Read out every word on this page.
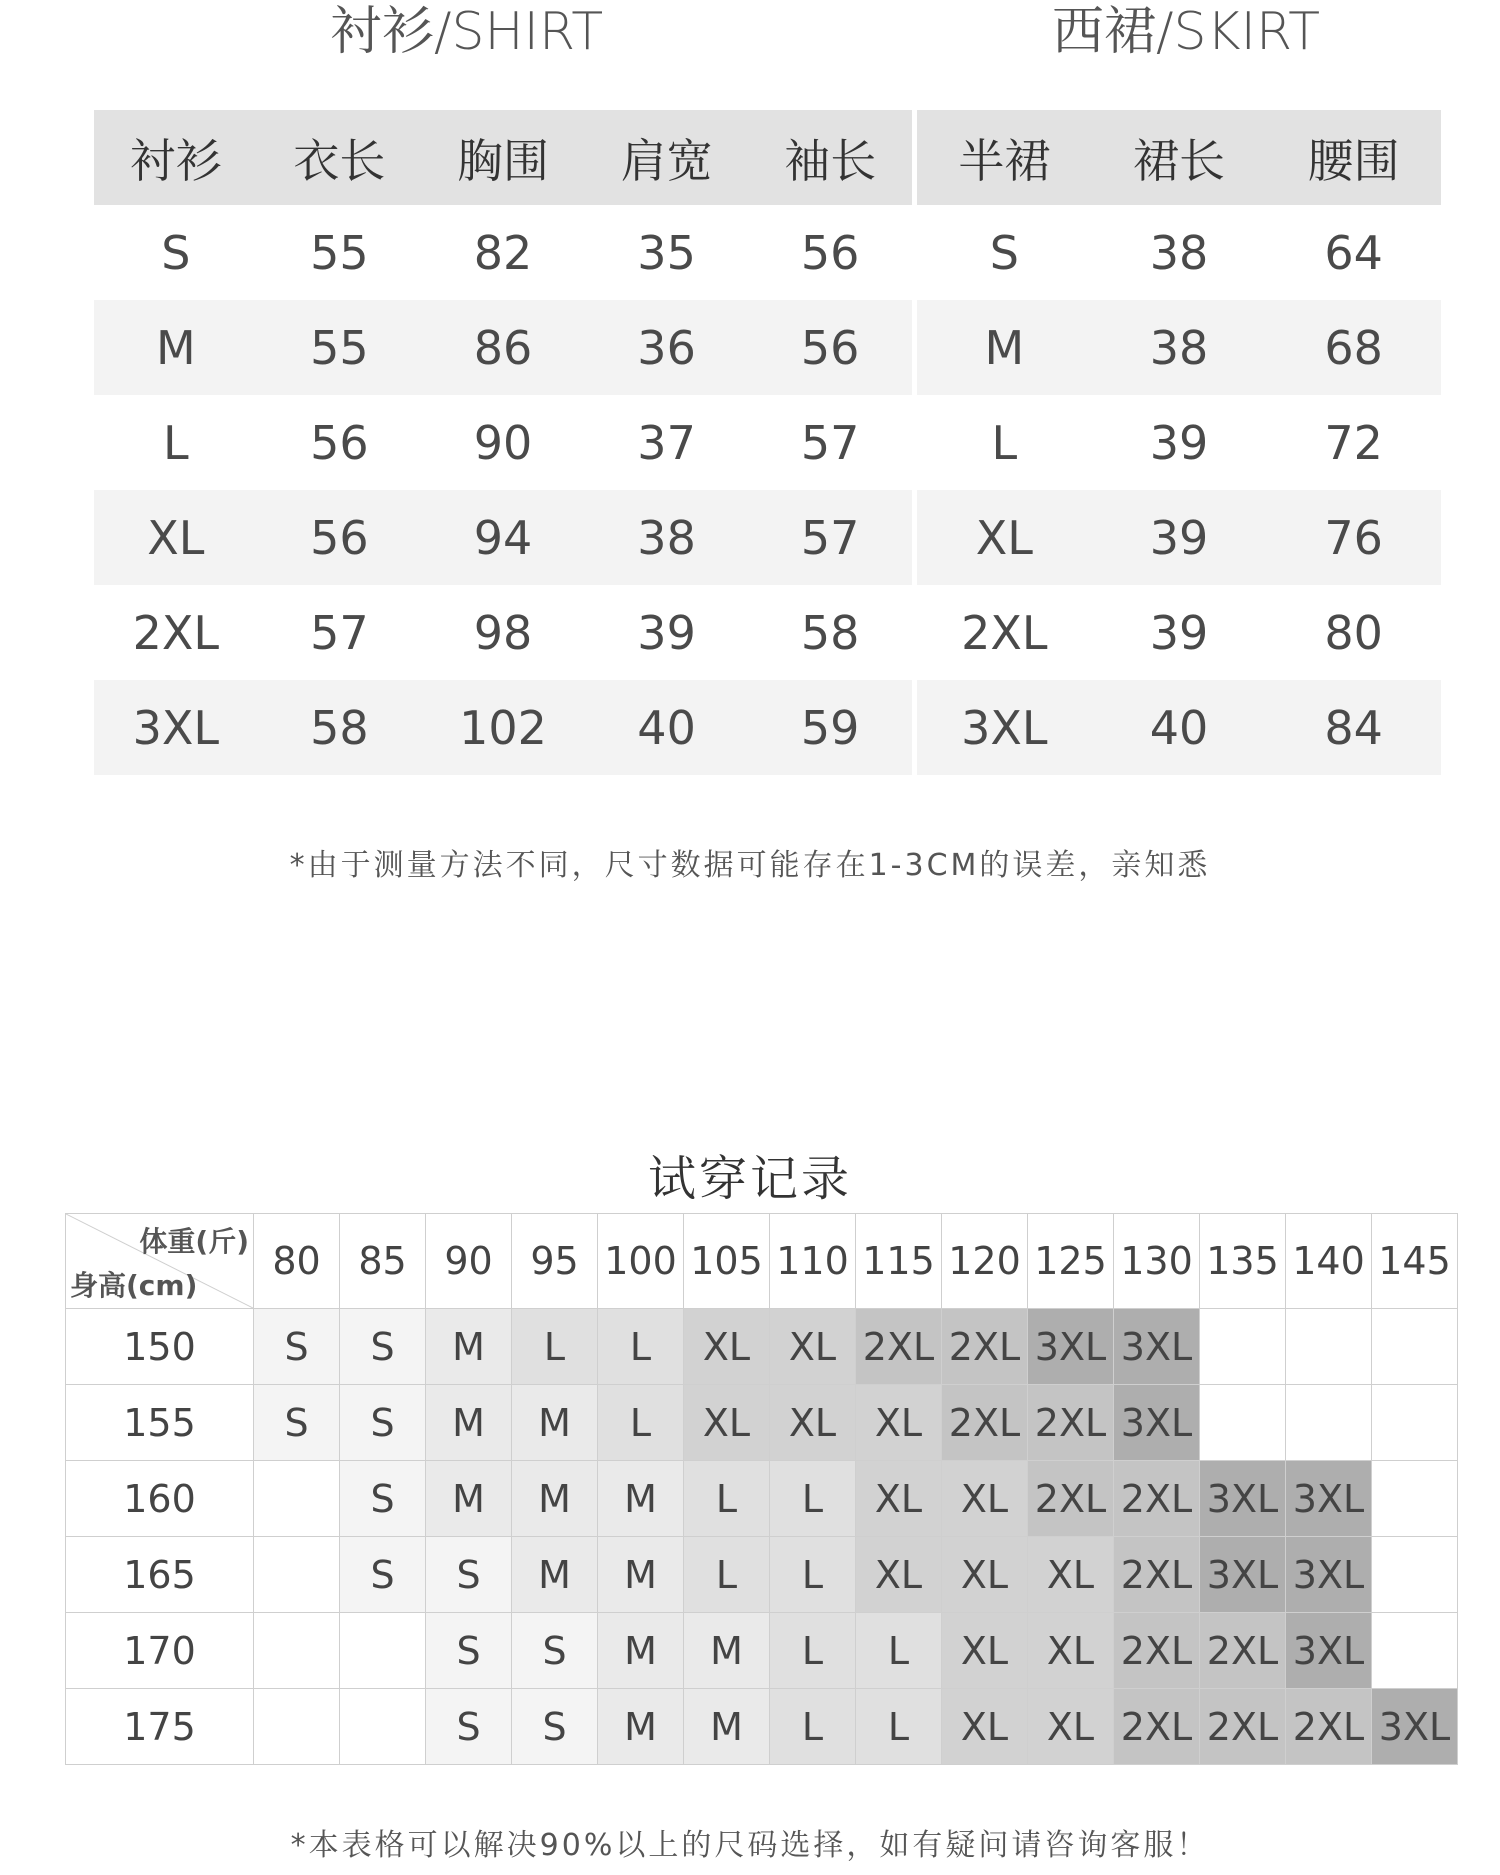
衬衫/SHIRT	西裙/SKIRT
衬衫	衣长	胸围	肩宽	袖长
S	55	82	35	56
M	55	86	36	56
L	56	90	37	57
XL	56	94	38	57
2XL	57	98	39	58
3XL	58	102	40	59
半裙	裙长	腰围
S	38	64
M	38	68
L	39	72
XL	39	76
2XL	39	80
3XL	40	84
*由于测量方法不同，尺寸数据可能存在1-3CM的误差，亲知悉
试穿记录
体重(斤)
身高(cm)	80	85	90	95	100	105	110	115	120	125	130	135	140	145
150	S	S	M	L	L	XL	XL	2XL	2XL	3XL	3XL			
155	S	S	M	M	L	XL	XL	XL	2XL	2XL	3XL			
160		S	M	M	M	L	L	XL	XL	2XL	2XL	3XL	3XL	
165		S	S	M	M	L	L	XL	XL	XL	2XL	3XL	3XL	
170			S	S	M	M	L	L	XL	XL	2XL	2XL	3XL	
175			S	S	M	M	L	L	XL	XL	2XL	2XL	2XL	3XL
*本表格可以解决90%以上的尺码选择，如有疑问请咨询客服！
